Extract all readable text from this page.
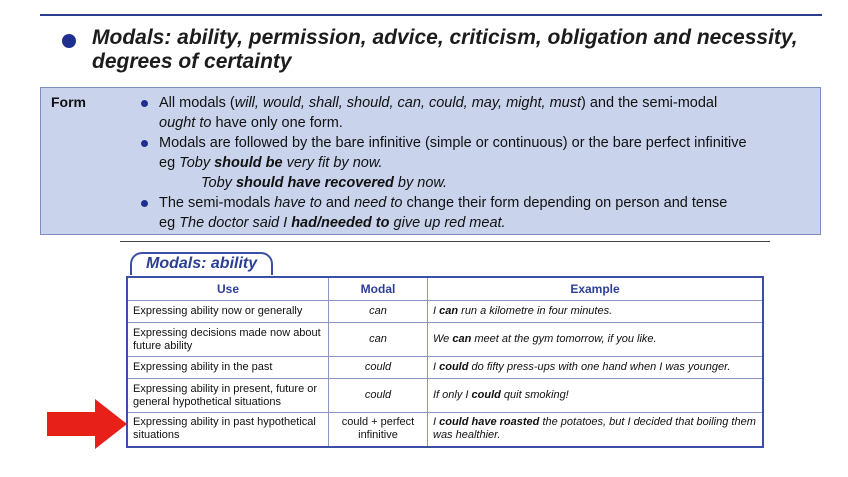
Modals: ability, permission, advice, criticism, obligation and necessity, degrees of certainty
Form	All modals (will, would, shall, should, can, could, may, might, must) and the semi-modal
ought to have only one form.
Modals are followed by the bare infinitive (simple or continuous) or the bare perfect infinitive
eg Toby should be very fit by now.
Toby should have recovered by now.
The semi-modals have to and need to change their form depending on person and tense
eg The doctor said I had/needed to give up red meat.
Modals: ability
Use	Modal	Example
Expressing ability now or generally	can	I can run a kilometre in four minutes.
Expressing decisions made now about future ability	can	We can meet at the gym tomorrow, if you like.
Expressing ability in the past	could	I could do fifty press-ups with one hand when I was younger.
Expressing ability in present, future or general hypothetical situations	could	If only I could quit smoking!
Expressing ability in past hypothetical situations	could + perfect infinitive	I could have roasted the potatoes, but I decided that boiling them was healthier.
